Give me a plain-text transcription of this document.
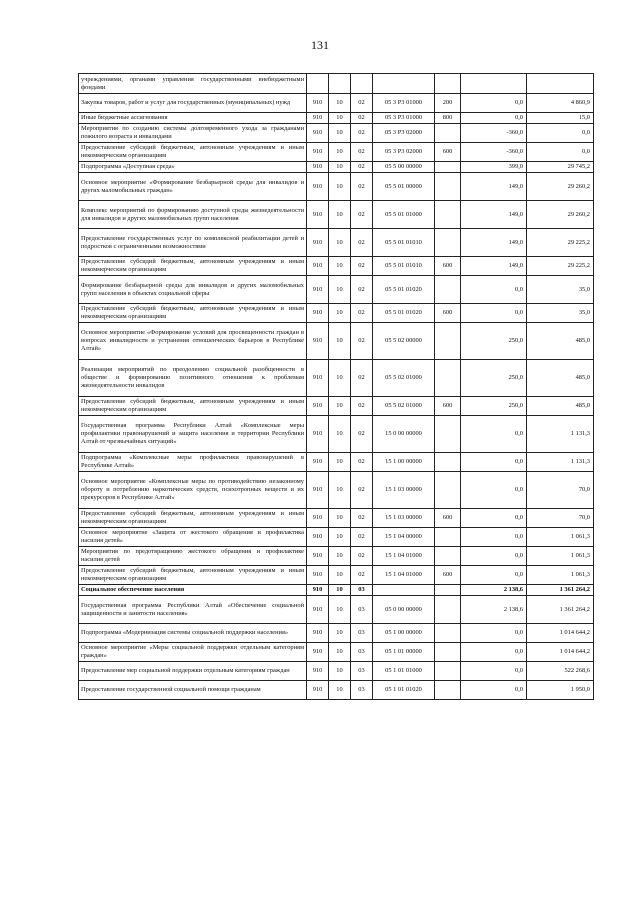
131
учреждениями, органами управления государственными внебюджетными фондами							
Закупка товаров, работ и услуг для государственных (муниципальных) нужд	910	10	02	05 3 P3 01000	200	0,0	4 860,9
Иные бюджетные ассигнования	910	10	02	05 3 P3 01000	800	0,0	15,0
Мероприятия по созданию системы долговременного ухода за гражданами пожилого возраста и инвалидами	910	10	02	05 3 P3 02000		-360,0	0,0
Предоставление субсидий бюджетным, автономным учреждениям и иным некоммерческим организациям	910	10	02	05 3 P3 02000	600	-360,0	0,0
Подпрограмма «Доступная среда»	910	10	02	05 5 00 00000		399,0	29 745,2
Основное мероприятие «Формирование безбарьерной среды для инвалидов и других маломобильных граждан»	910	10	02	05 5 01 00000		149,0	29 260,2
Комплекс мероприятий по формированию доступной среды жизнедеятельности для инвалидов и других маломобильных групп населения	910	10	02	05 5 01 01000		149,0	29 260,2
Предоставление государственных услуг по комплексной реабилитации детей и подростков с ограниченными возможностями	910	10	02	05 5 01 01010		149,0	29 225,2
Предоставление субсидий бюджетным, автономным учреждениям и иным некоммерческим организациям	910	10	02	05 5 01 01010	600	149,0	29 225,2
Формирование безбарьерной среды для инвалидов и других маломобильных групп населения в объектах социальной сферы	910	10	02	05 5 01 01020		0,0	35,0
Предоставление субсидий бюджетным, автономным учреждениям и иным некоммерческим организациям	910	10	02	05 5 01 01020	600	0,0	35,0
Основное мероприятие «Формирование условий для просвещенности граждан в вопросах инвалидности и устранения отношенческих барьеров в Республике Алтай»	910	10	02	05 5 02 00000		250,0	485,0
Реализация мероприятий по преодолению социальной разобщенности в обществе и формированию позитивного отношения к проблемам жизнедеятельности инвалидов	910	10	02	05 5 02 01000		250,0	485,0
Предоставление субсидий бюджетным, автономным учреждениям и иным некоммерческим организациям	910	10	02	05 5 02 01000	600	250,0	485,0
Государственная программа Республики Алтай «Комплексные меры профилактики правонарушений и защита населения и территории Республики Алтай от чрезвычайных ситуаций»	910	10	02	15 0 00 00000		0,0	1 131,3
Подпрограмма «Комплексные меры профилактики правонарушений в Республике Алтай»	910	10	02	15 1 00 00000		0,0	1 131,3
Основное мероприятие «Комплексные меры по противодействию незаконному обороту и потреблению наркотических средств, психотропных веществ и их прекурсоров в Республике Алтай»	910	10	02	15 1 03 00000		0,0	70,0
Предоставление субсидий бюджетным, автономным учреждениям и иным некоммерческим организациям	910	10	02	15 1 03 00000	600	0,0	70,0
Основное мероприятие «Защита от жестокого обращения и профилактика насилия детей»	910	10	02	15 1 04 00000		0,0	1 061,3
Мероприятия по предотвращению жестокого обращения и профилактике насилия детей	910	10	02	15 1 04 01000		0,0	1 061,3
Предоставление субсидий бюджетным, автономным учреждениям и иным некоммерческим организациям	910	10	02	15 1 04 01000	600	0,0	1 061,3
Социальное обеспечение населения	910	10	03			2 138,6	1 361 264,2
Государственная программа Республики Алтай «Обеспечение социальной защищенности и занятости населения»	910	10	03	05 0 00 00000		2 138,6	1 361 264,2
Подпрограмма «Модернизация системы социальной поддержки населения»	910	10	03	05 1 00 00000		0,0	1 014 644,2
Основное мероприятие «Меры социальной поддержки отдельным категориям граждан»	910	10	03	05 1 01 00000		0,0	1 014 644,2
Предоставление мер социальной поддержки отдельным категориям граждан	910	10	03	05 1 01 01000		0,0	522 268,6
Предоставление государственной социальной помощи гражданам	910	10	03	05 1 01 01020		0,0	1 950,0
